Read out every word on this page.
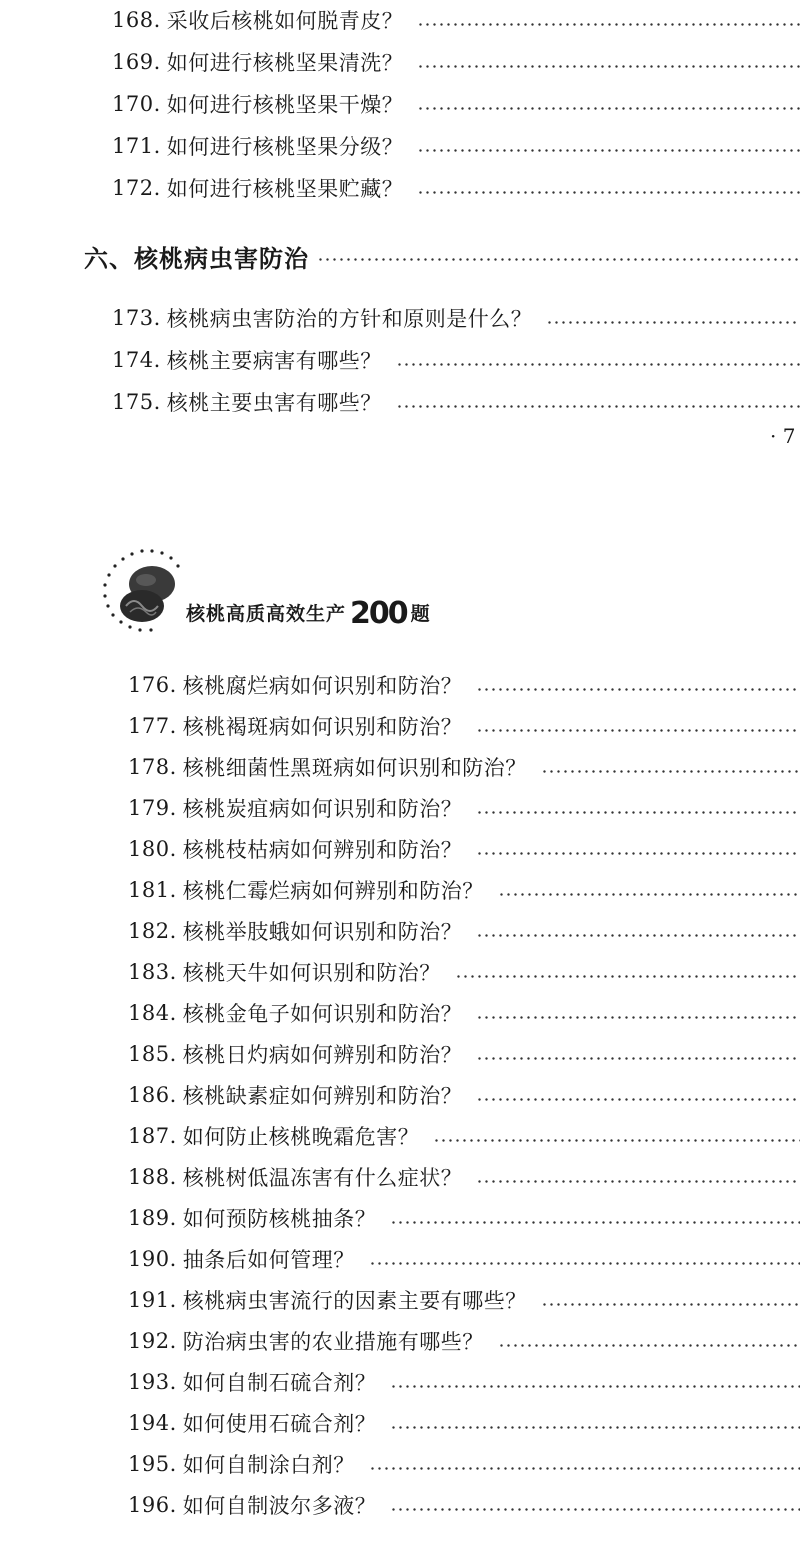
168. 采收后核桃如何脱青皮？
169. 如何进行核桃坚果清洗？
170. 如何进行核桃坚果干燥？
171. 如何进行核桃坚果分级？
172. 如何进行核桃坚果贮藏？
六、核桃病虫害防治
173. 核桃病虫害防治的方针和原则是什么？
174. 核桃主要病害有哪些？
175. 核桃主要虫害有哪些？
· 7
核桃高质高效生产 200 题
176. 核桃腐烂病如何识别和防治？
177. 核桃褐斑病如何识别和防治？
178. 核桃细菌性黑斑病如何识别和防治？
179. 核桃炭疽病如何识别和防治？
180. 核桃枝枯病如何辨别和防治？
181. 核桃仁霉烂病如何辨别和防治？
182. 核桃举肢蛾如何识别和防治？
183. 核桃天牛如何识别和防治？
184. 核桃金龟子如何识别和防治？
185. 核桃日灼病如何辨别和防治？
186. 核桃缺素症如何辨别和防治？
187. 如何防止核桃晚霜危害？
188. 核桃树低温冻害有什么症状？
189. 如何预防核桃抽条？
190. 抽条后如何管理？
191. 核桃病虫害流行的因素主要有哪些？
192. 防治病虫害的农业措施有哪些？
193. 如何自制石硫合剂？
194. 如何使用石硫合剂？
195. 如何自制涂白剂？
196. 如何自制波尔多液？
